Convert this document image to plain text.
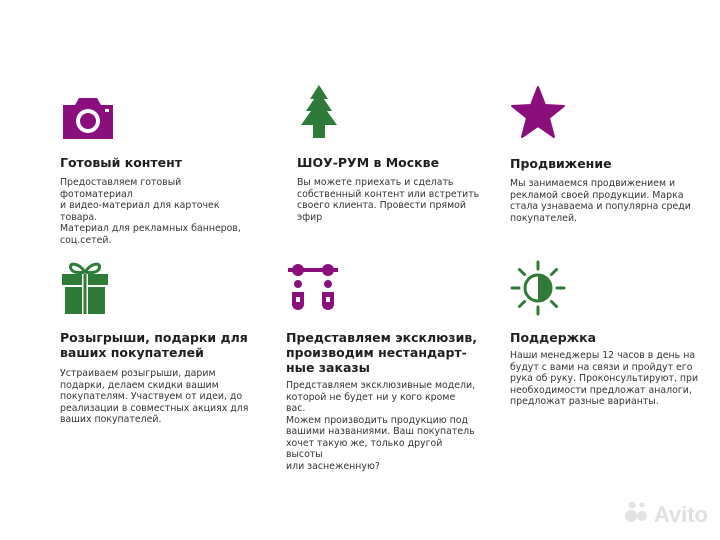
Готовый контент
Предоставляем готовый фотоматериал
и видео-материал для карточек товара.
Материал для рекламных баннеров,
соц.сетей.
ШОУ-РУМ в Москве
Вы можете приехать и сделать
собственный контент или встретить
своего клиента. Провести прямой
эфир
Продвижение
Мы занимаемся продвижением и
рекламой своей продукции. Марка
стала узнаваема и популярна среди
покупателей.
Розыгрыши, подарки для
ваших покупателей
Устраиваем розыгрыши, дарим
подарки, делаем скидки вашим
покупателям. Участвуем от идеи, до
реализации в совместных акциях для
ваших покупателей.
Представляем эксклюзив,
производим нестандарт-
ные заказы
Представляем эксклюзивные модели,
которой не будет ни у кого кроме вас.
Можем производить продукцию под
вашими названиями. Ваш покупатель
хочет такую же, только другой высоты
или заснеженную?
Поддержка
Наши менеджеры 12 часов в день на
будут с вами на связи и пройдут его
рука об руку. Проконсультируют, при
необходимости предложат аналоги,
предложат разные варианты.
Avito
